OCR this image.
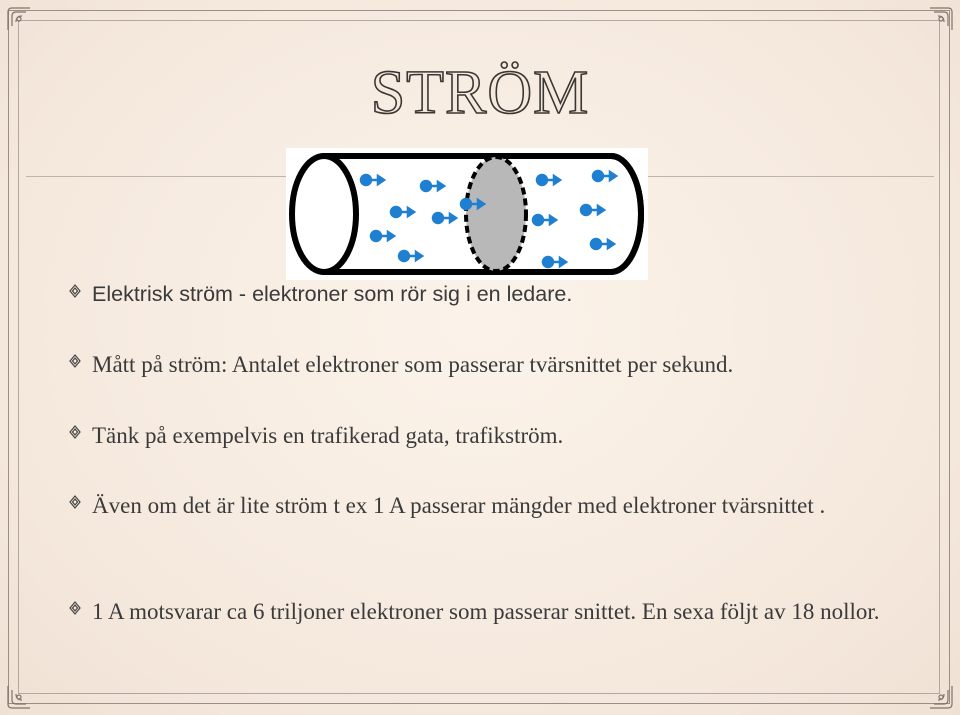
STRÖM
Elektrisk ström - elektroner som rör sig i en ledare.
Mått på ström: Antalet elektroner som passerar tvärsnittet per sekund.
Tänk på exempelvis en trafikerad gata, trafikström.
Även om det är lite ström t ex 1 A passerar mängder med elektroner tvärsnittet .
1 A motsvarar ca 6 triljoner elektroner som passerar snittet. En sexa följt av 18 nollor.
